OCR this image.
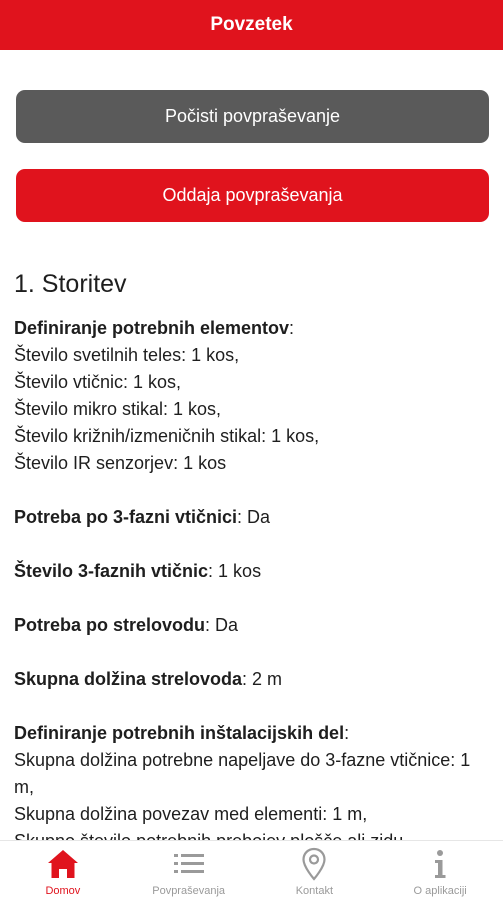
Povzetek
Počisti povpraševanje
Oddaja povpraševanja
1. Storitev
Definiranje potrebnih elementov:
Število svetilnih teles: 1 kos,
Število vtičnic: 1 kos,
Število mikro stikal: 1 kos,
Število križnih/izmeničnih stikal: 1 kos,
Število IR senzorjev: 1 kos
Potreba po 3-fazni vtičnici: Da
Število 3-faznih vtičnic: 1 kos
Potreba po strelovodu: Da
Skupna dolžina strelovoda: 2 m
Definiranje potrebnih inštalacijskih del:
Skupna dolžina potrebne napeljave do 3-fazne vtičnice: 1 m,
Skupna dolžina povezav med elementi: 1 m,
Domov	Povpraševanja	Kontakt	O aplikaciji
